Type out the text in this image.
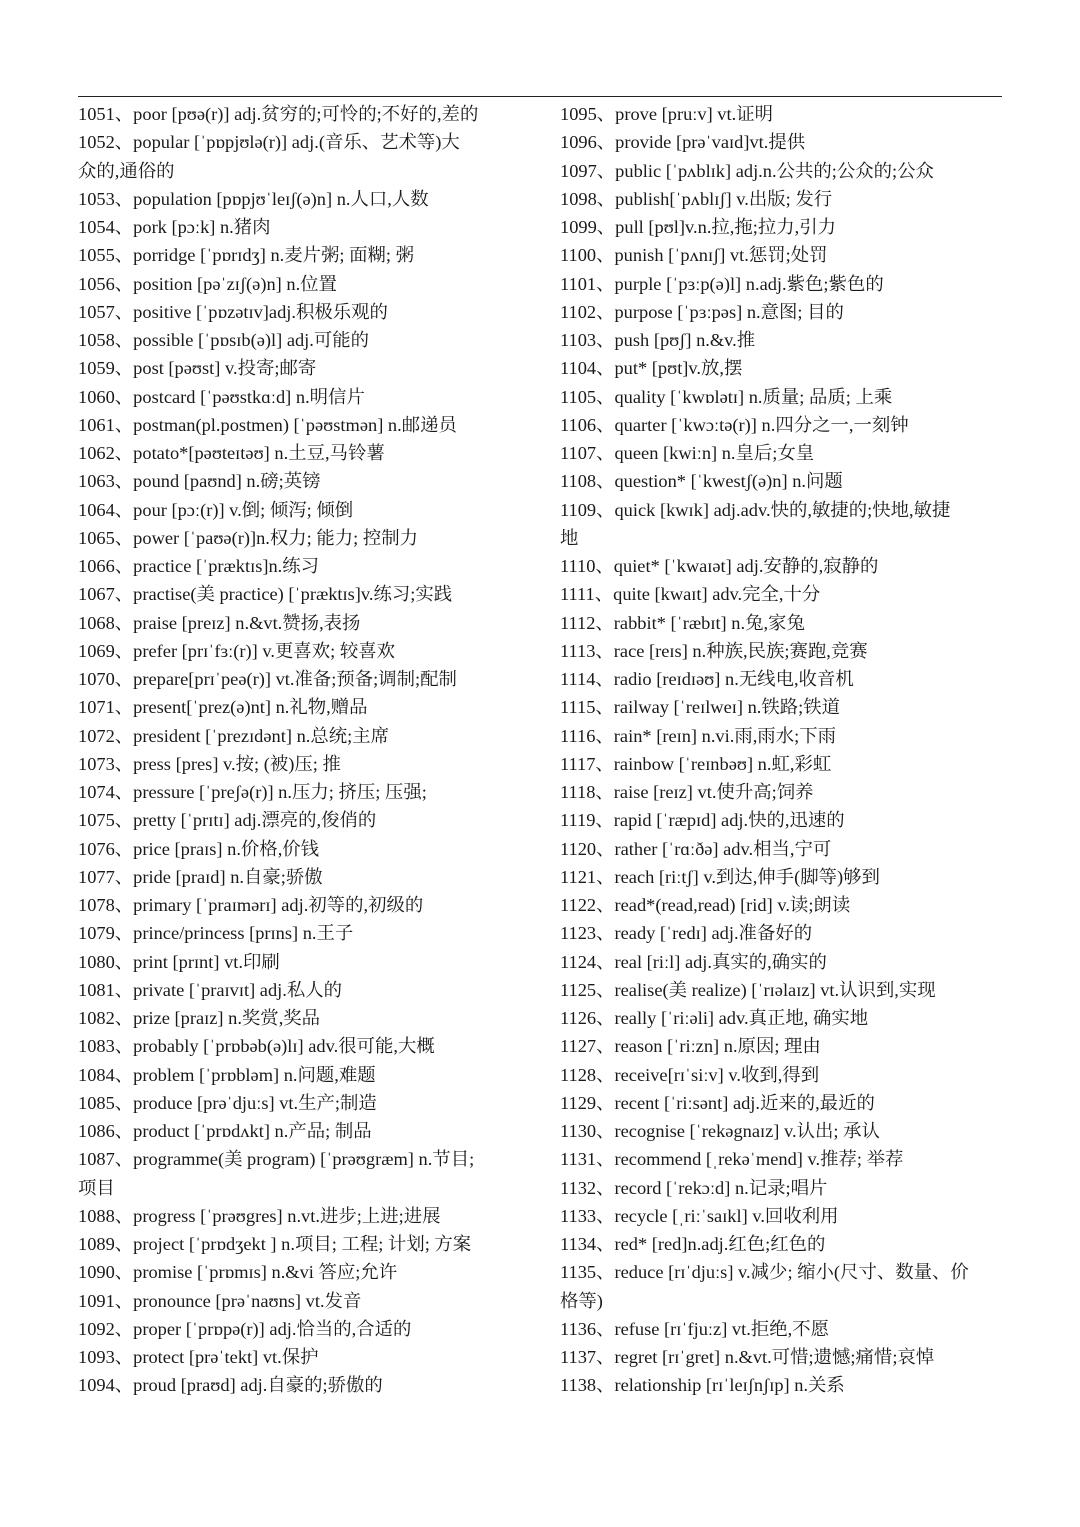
1051、poor [pʊə(r)] adj.贫穷的;可怜的;不好的,差的
1052、popular [ˈpɒpjʊlə(r)] adj.(音乐、艺术等)大
众的,通俗的
1053、population [pɒpjʊˈleɪʃ(ə)n] n.人口,人数
1054、pork [pɔːk] n.猪肉
1055、porridge [ˈpɒrɪdʒ] n.麦片粥; 面糊; 粥
1056、position [pəˈzɪʃ(ə)n] n.位置
1057、positive [ˈpɒzətɪv]adj.积极乐观的
1058、possible [ˈpɒsɪb(ə)l] adj.可能的
1059、post [pəʊst] v.投寄;邮寄
1060、postcard [ˈpəʊstkɑːd] n.明信片
1061、postman(pl.postmen) [ˈpəʊstmən] n.邮递员
1062、potato*[pəʊteɪtəʊ] n.土豆,马铃薯
1063、pound [paʊnd] n.磅;英镑
1064、pour [pɔː(r)] v.倒; 倾泻; 倾倒
1065、power [ˈpaʊə(r)]n.权力; 能力; 控制力
1066、practice [ˈpræktɪs]n.练习
1067、practise(美 practice) [ˈpræktɪs]v.练习;实践
1068、praise [preɪz] n.&vt.赞扬,表扬
1069、prefer [prɪˈfɜː(r)] v.更喜欢; 较喜欢
1070、prepare[prɪˈpeə(r)] vt.准备;预备;调制;配制
1071、present[ˈprez(ə)nt] n.礼物,赠品
1072、president [ˈprezɪdənt] n.总统;主席
1073、press [pres] v.按; (被)压; 推
1074、pressure [ˈpreʃə(r)] n.压力; 挤压; 压强;
1075、pretty [ˈprɪtɪ] adj.漂亮的,俊俏的
1076、price [praɪs] n.价格,价钱
1077、pride [praɪd] n.自豪;骄傲
1078、primary [ˈpraɪmərɪ] adj.初等的,初级的
1079、prince/princess [prɪns] n.王子
1080、print [prɪnt] vt.印刷
1081、private [ˈpraɪvɪt] adj.私人的
1082、prize [praɪz] n.奖赏,奖品
1083、probably [ˈprɒbəb(ə)lɪ] adv.很可能,大概
1084、problem [ˈprɒbləm] n.问题,难题
1085、produce [prəˈdjuːs] vt.生产;制造
1086、product [ˈprɒdʌkt] n.产品; 制品
1087、programme(美 program) [ˈprəʊgræm] n.节目;
项目
1088、progress [ˈprəʊgres] n.vt.进步;上进;进展
1089、project [ˈprɒdʒekt ] n.项目; 工程; 计划; 方案
1090、promise [ˈprɒmɪs] n.&vi 答应;允许
1091、pronounce [prəˈnaʊns] vt.发音
1092、proper [ˈprɒpə(r)] adj.恰当的,合适的
1093、protect [prəˈtekt] vt.保护
1094、proud [praʊd] adj.自豪的;骄傲的
1095、prove [pruːv] vt.证明
1096、provide [prəˈvaɪd]vt.提供
1097、public [ˈpʌblɪk] adj.n.公共的;公众的;公众
1098、publish[ˈpʌblɪʃ] v.出版; 发行
1099、pull [pʊl]v.n.拉,拖;拉力,引力
1100、punish [ˈpʌnɪʃ] vt.惩罚;处罚
1101、purple [ˈpɜːp(ə)l] n.adj.紫色;紫色的
1102、purpose [ˈpɜːpəs] n.意图; 目的
1103、push [pʊʃ] n.&v.推
1104、put* [pʊt]v.放,摆
1105、quality [ˈkwɒlətɪ] n.质量; 品质; 上乘
1106、quarter [ˈkwɔːtə(r)] n.四分之一,一刻钟
1107、queen [kwiːn] n.皇后;女皇
1108、question* [ˈkwestʃ(ə)n] n.问题
1109、quick [kwɪk] adj.adv.快的,敏捷的;快地,敏捷
地
1110、quiet* [ˈkwaɪət] adj.安静的,寂静的
1111、quite [kwaɪt] adv.完全,十分
1112、rabbit* [ˈræbɪt] n.兔,家兔
1113、race [reɪs] n.种族,民族;赛跑,竞赛
1114、radio [reɪdɪəʊ] n.无线电,收音机
1115、railway [ˈreɪlweɪ] n.铁路;铁道
1116、rain* [reɪn] n.vi.雨,雨水;下雨
1117、rainbow [ˈreɪnbəʊ] n.虹,彩虹
1118、raise [reɪz] vt.使升高;饲养
1119、rapid [ˈræpɪd] adj.快的,迅速的
1120、rather [ˈrɑːðə] adv.相当,宁可
1121、reach [riːtʃ] v.到达,伸手(脚等)够到
1122、read*(read,read) [rid] v.读;朗读
1123、ready [ˈredɪ] adj.准备好的
1124、real [riːl] adj.真实的,确实的
1125、realise(美 realize) [ˈrɪəlaɪz] vt.认识到,实现
1126、really [ˈriːəli] adv.真正地, 确实地
1127、reason [ˈriːzn] n.原因; 理由
1128、receive[rɪˈsiːv] v.收到,得到
1129、recent [ˈriːsənt] adj.近来的,最近的
1130、recognise [ˈrekəgnaɪz] v.认出; 承认
1131、recommend [ˌrekəˈmend] v.推荐; 举荐
1132、record [ˈrekɔːd] n.记录;唱片
1133、recycle [ˌriːˈsaɪkl] v.回收利用
1134、red* [red]n.adj.红色;红色的
1135、reduce [rɪˈdjuːs] v.减少; 缩小(尺寸、数量、价
格等)
1136、refuse [rɪˈfjuːz] vt.拒绝,不愿
1137、regret [rɪˈgret] n.&vt.可惜;遗憾;痛惜;哀悼
1138、relationship [rɪˈleɪʃnʃɪp] n.关系
